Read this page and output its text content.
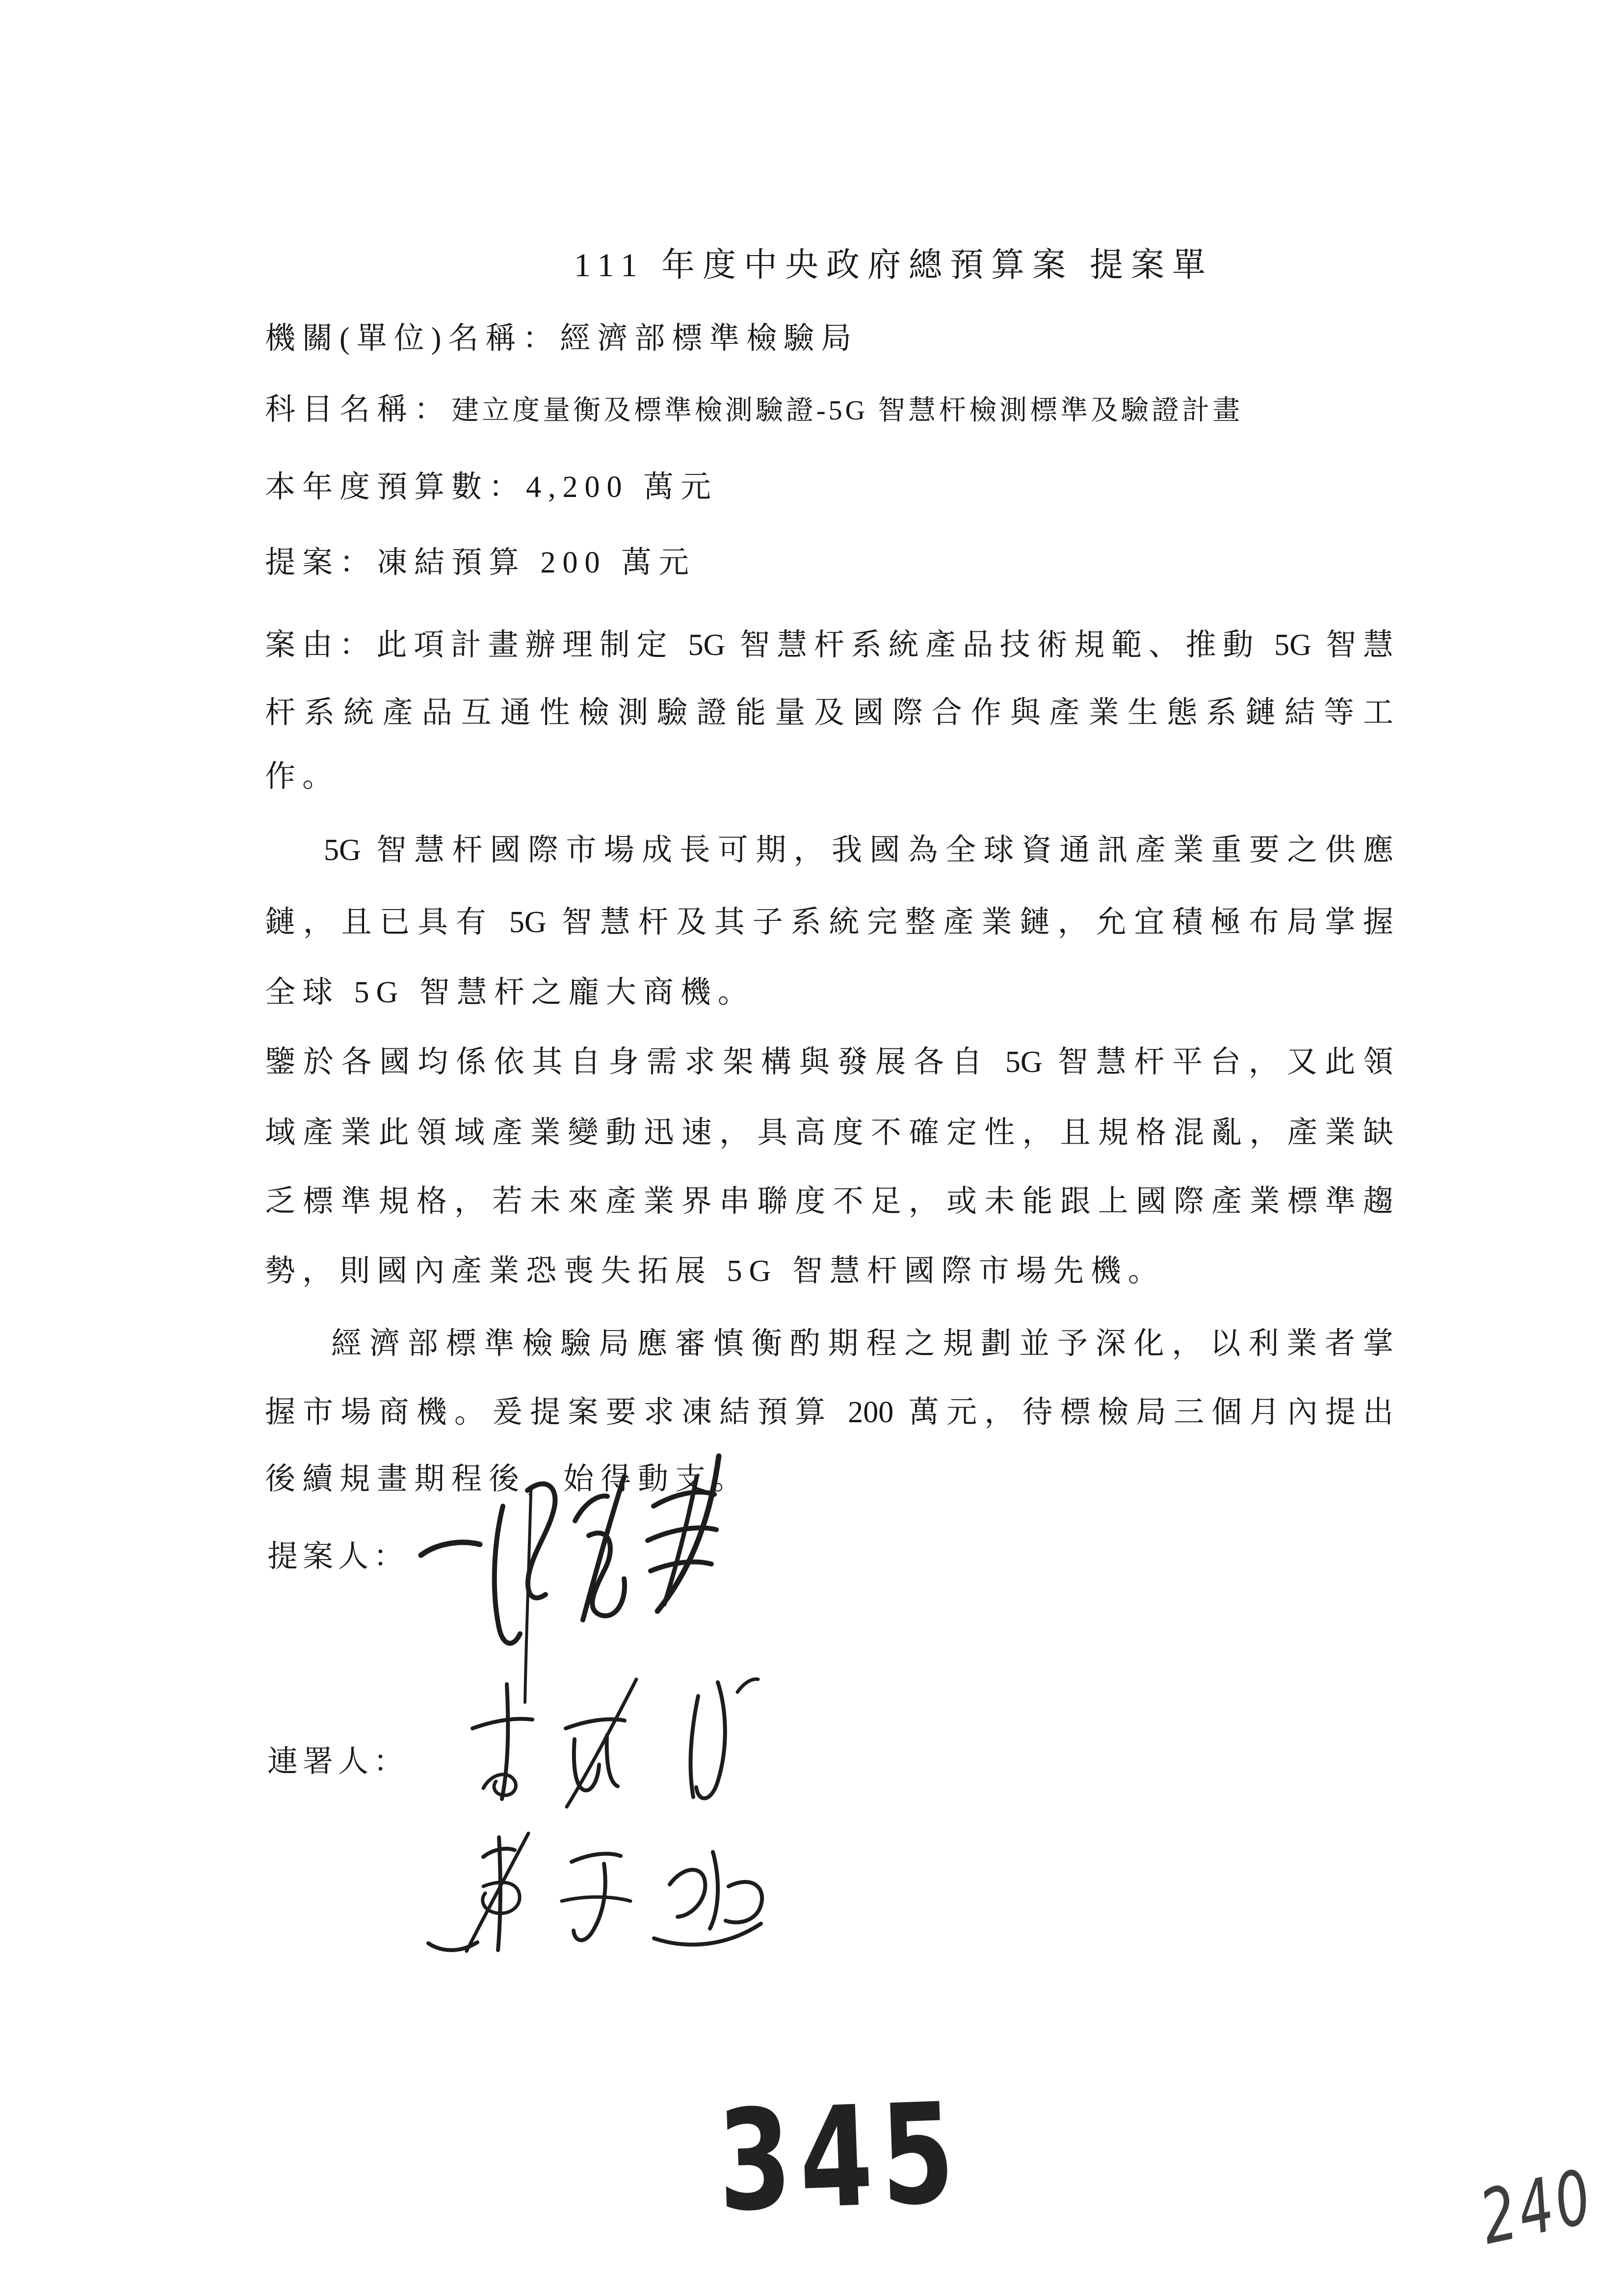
111 年度中央政府總預算案 提案單
機關(單位)名稱：經濟部標準檢驗局
科目名稱：建立度量衡及標準檢測驗證-5G 智慧杆檢測標準及驗證計畫
本年度預算數：4,200 萬元
提案：凍結預算 200 萬元
案由：此項計畫辦理制定 5G 智慧杆系統產品技術規範、推動 5G 智慧
杆系統產品互通性檢測驗證能量及國際合作與產業生態系鏈結等工
作。
5G 智慧杆國際市場成長可期，我國為全球資通訊產業重要之供應
鏈，且已具有 5G 智慧杆及其子系統完整產業鏈，允宜積極布局掌握
全球 5G 智慧杆之龐大商機。
鑒於各國均係依其自身需求架構與發展各自 5G 智慧杆平台，又此領
域產業此領域產業變動迅速，具高度不確定性，且規格混亂，產業缺
乏標準規格，若未來產業界串聯度不足，或未能跟上國際產業標準趨
勢，則國內產業恐喪失拓展 5G 智慧杆國際市場先機。
經濟部標準檢驗局應審慎衡酌期程之規劃並予深化，以利業者掌
握市場商機。爰提案要求凍結預算 200 萬元，待標檢局三個月內提出
後續規畫期程後，始得動支。
提案人：
連署人：
345	240
